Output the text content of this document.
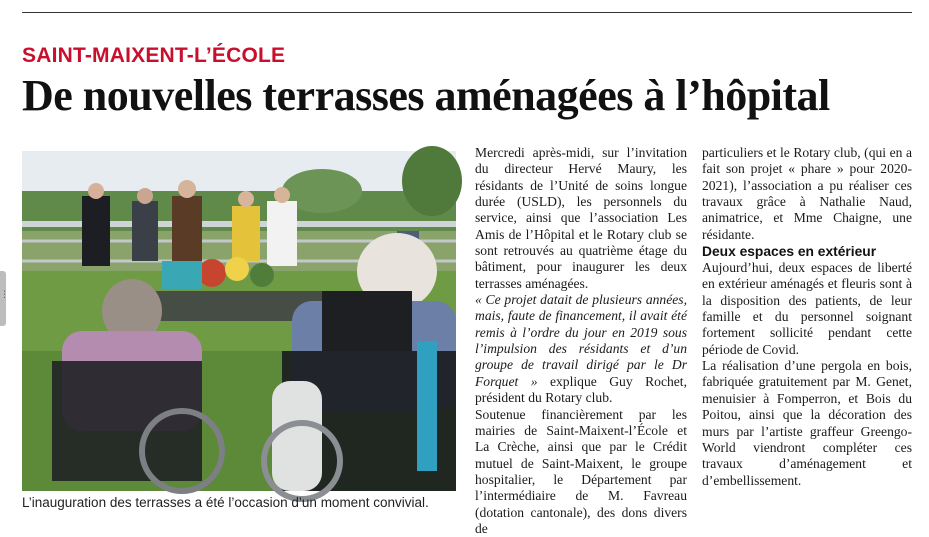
SAINT-MAIXENT-L’ÉCOLE
De nouvelles terrasses aménagées à l’hôpital

L’inauguration des terrasses a été l’occasion d’un moment convivial.

Mercredi après-midi, sur l’invitation du directeur Hervé Maury, les résidants de l’Unité de soins longue durée (USLD), les personnels du service, ainsi que l’association Les Amis de l’Hôpital et le Rotary club se sont retrouvés au quatrième étage du bâtiment, pour inaugurer les deux terrasses aménagées.

« Ce projet datait de plusieurs années, mais, faute de financement, il avait été remis à l’ordre du jour en 2019 sous l’impulsion des résidants et d’un groupe de travail dirigé par le Dr Forquet » explique Guy Rochet, président du Rotary club.

Soutenue financièrement par les mairies de Saint-Maixent-l’École et La Crèche, ainsi que par le Crédit mutuel de Saint-Maixent, le groupe hospitalier, le Département par l’intermédiaire de M. Favreau (dotation cantonale), des dons divers de

particuliers et le Rotary club, (qui en a fait son projet « phare » pour 2020-2021), l’association a pu réaliser ces travaux grâce à Nathalie Naud, animatrice, et Mme Chaigne, une résidante.

Deux espaces en extérieur

Aujourd’hui, deux espaces de liberté en extérieur aménagés et fleuris sont à la disposition des patients, de leur famille et du personnel soignant fortement sollicité pendant cette période de Covid.

La réalisation d’une pergola en bois, fabriquée gratuitement par M. Genet, menuisier à Fomperron, et Bois du Poitou, ainsi que la décoration des murs par l’artiste graffeur Greengo-World viendront compléter ces travaux d’aménagement et d’embellissement.

⋮
